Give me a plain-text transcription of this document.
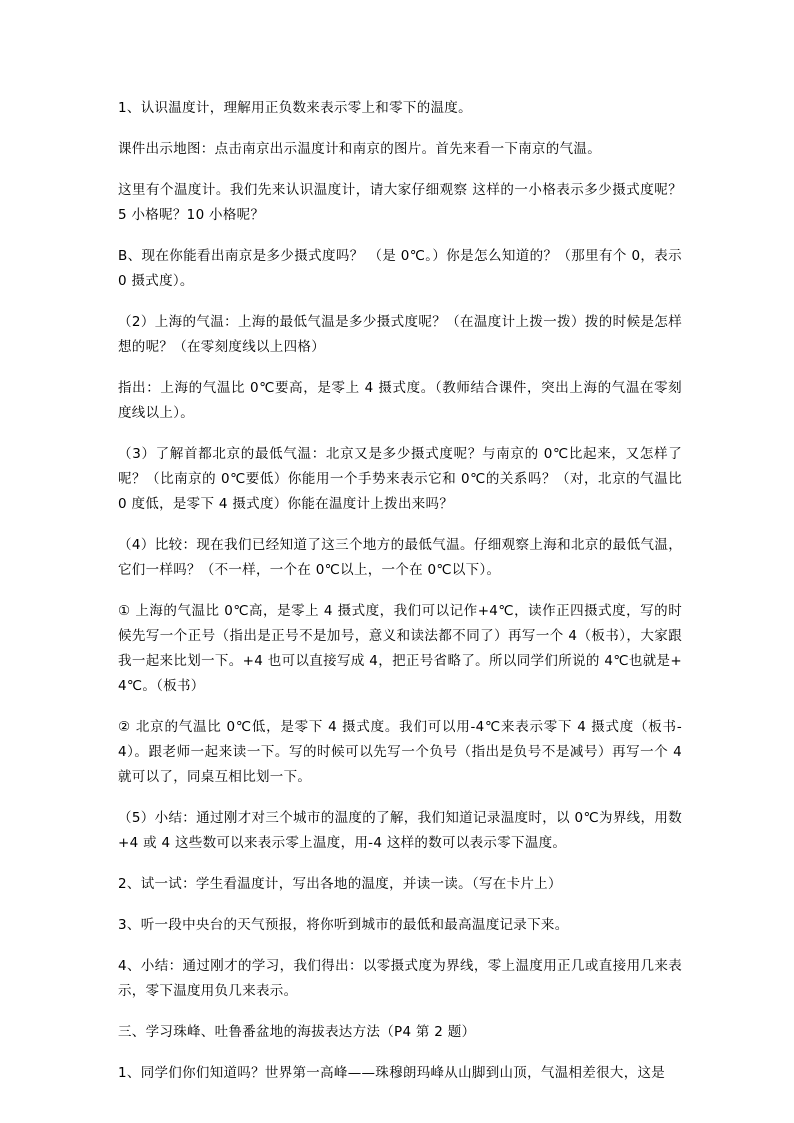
1、认识温度计，理解用正负数来表示零上和零下的温度。

课件出示地图：点击南京出示温度计和南京的图片。首先来看一下南京的气温。

这里有个温度计。我们先来认识温度计，请大家仔细观察 这样的一小格表示多少摄式度呢？5 小格呢？10 小格呢？

B、现在你能看出南京是多少摄式度吗？ （是 0℃。）你是怎么知道的？（那里有个 0，表示 0 摄式度）。

（2）上海的气温：上海的最低气温是多少摄式度呢？（在温度计上拨一拨）拨的时候是怎样想的呢？（在零刻度线以上四格）

指出：上海的气温比 0℃要高，是零上 4 摄式度。（教师结合课件，突出上海的气温在零刻度线以上）。

（3）了解首都北京的最低气温：北京又是多少摄式度呢？与南京的 0℃比起来，又怎样了呢？（比南京的 0℃要低）你能用一个手势来表示它和 0℃的关系吗？（对，北京的气温比 0 度低，是零下 4 摄式度）你能在温度计上拨出来吗？

（4）比较：现在我们已经知道了这三个地方的最低气温。仔细观察上海和北京的最低气温，它们一样吗？（不一样，一个在 0℃以上，一个在 0℃以下）。

① 上海的气温比 0℃高，是零上 4 摄式度，我们可以记作+4℃，读作正四摄式度，写的时候先写一个正号（指出是正号不是加号，意义和读法都不同了）再写一个 4（板书），大家跟我一起来比划一下。+4 也可以直接写成 4，把正号省略了。所以同学们所说的 4℃也就是+4℃。（板书）

② 北京的气温比 0℃低，是零下 4 摄式度。我们可以用-4℃来表示零下 4 摄式度（板书-4）。跟老师一起来读一下。写的时候可以先写一个负号（指出是负号不是减号）再写一个 4就可以了，同桌互相比划一下。

（5）小结：通过刚才对三个城市的温度的了解，我们知道记录温度时，以 0℃为界线，用数+4 或 4 这些数可以来表示零上温度，用-4 这样的数可以表示零下温度。

2、试一试：学生看温度计，写出各地的温度，并读一读。（写在卡片上）

3、听一段中央台的天气预报，将你听到城市的最低和最高温度记录下来。

4、小结：通过刚才的学习，我们得出：以零摄式度为界线，零上温度用正几或直接用几来表示，零下温度用负几来表示。

三、学习珠峰、吐鲁番盆地的海拔表达方法（P4 第 2 题）

1、同学们你们知道吗？世界第一高峰——珠穆朗玛峰从山脚到山顶，气温相差很大，这是
